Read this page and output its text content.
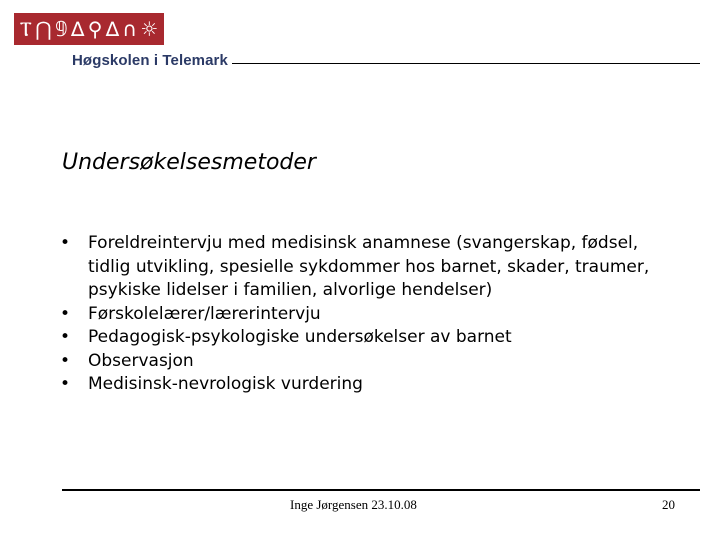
Ⲧ ⋂ 𝟡 ∆ ⚲ ∆ ∩ ☼
Høgskolen i Telemark
Undersøkelsesmetoder
• Foreldreintervju med medisinsk anamnese (svangerskap, fødsel, tidlig utvikling, spesielle sykdommer hos barnet, skader, traumer, psykiske lidelser i familien, alvorlige hendelser)
• Førskolelærer/lærerintervju
• Pedagogisk-psykologiske undersøkelser av barnet
• Observasjon
• Medisinsk-nevrologisk vurdering
Inge Jørgensen 23.10.08	20
